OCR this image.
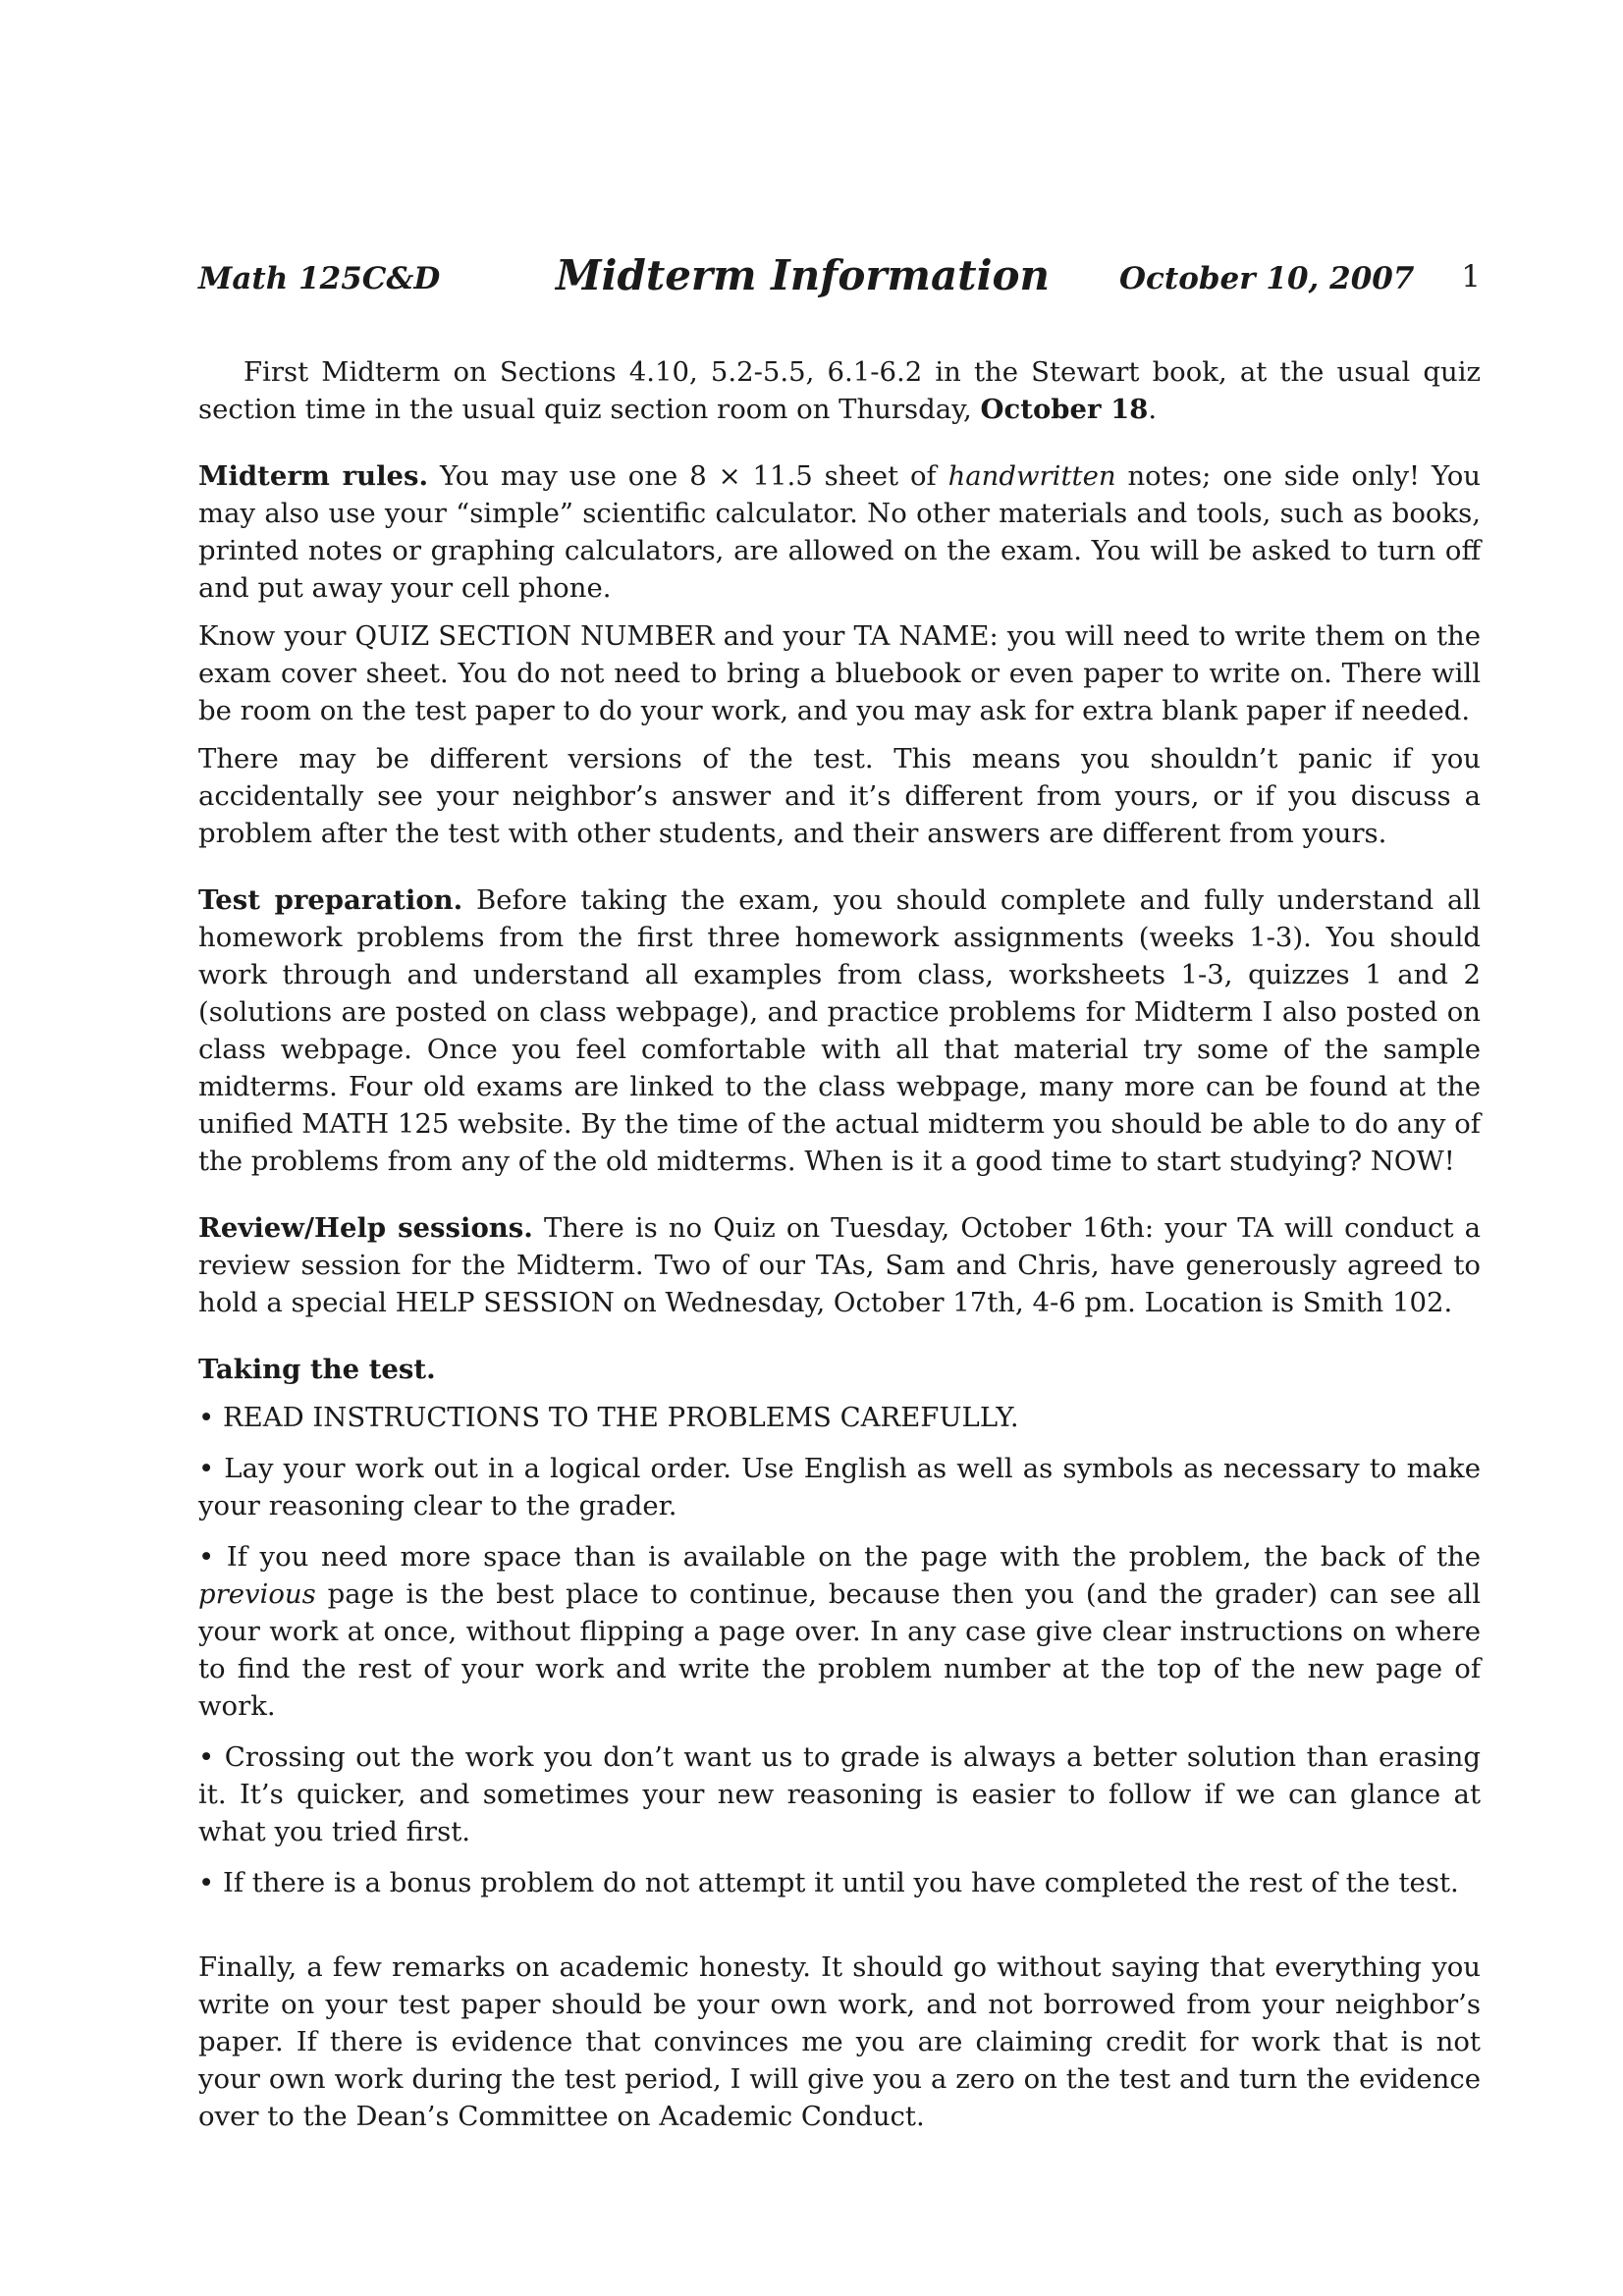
Math 125C&D	Midterm Information October 10, 2007 1

First Midterm on Sections 4.10, 5.2-5.5, 6.1-6.2 in the Stewart book, at the usual quiz section time in the usual quiz section room on Thursday, October 18.

Midterm rules. You may use one 8 × 11.5 sheet of handwritten notes; one side only! You may also use your “simple” scientific calculator. No other materials and tools, such as books, printed notes or graphing calculators, are allowed on the exam. You will be asked to turn off and put away your cell phone.

Know your QUIZ SECTION NUMBER and your TA NAME: you will need to write them on the exam cover sheet. You do not need to bring a bluebook or even paper to write on. There will be room on the test paper to do your work, and you may ask for extra blank paper if needed.

There may be different versions of the test. This means you shouldn’t panic if you accidentally see your neighbor’s answer and it’s different from yours, or if you discuss a problem after the test with other students, and their answers are different from yours.

Test preparation. Before taking the exam, you should complete and fully understand all homework problems from the first three homework assignments (weeks 1-3). You should work through and understand all examples from class, worksheets 1-3, quizzes 1 and 2 (solutions are posted on class webpage), and practice problems for Midterm I also posted on class webpage. Once you feel comfortable with all that material try some of the sample midterms. Four old exams are linked to the class webpage, many more can be found at the unified MATH 125 website. By the time of the actual midterm you should be able to do any of the problems from any of the old midterms. When is it a good time to start studying? NOW!

Review/Help sessions. There is no Quiz on Tuesday, October 16th: your TA will conduct a review session for the Midterm. Two of our TAs, Sam and Chris, have generously agreed to hold a special HELP SESSION on Wednesday, October 17th, 4-6 pm. Location is Smith 102.

Taking the test.

• READ INSTRUCTIONS TO THE PROBLEMS CAREFULLY.

• Lay your work out in a logical order. Use English as well as symbols as necessary to make your reasoning clear to the grader.

• If you need more space than is available on the page with the problem, the back of the previous page is the best place to continue, because then you (and the grader) can see all your work at once, without flipping a page over. In any case give clear instructions on where to find the rest of your work and write the problem number at the top of the new page of work.

• Crossing out the work you don’t want us to grade is always a better solution than erasing it. It’s quicker, and sometimes your new reasoning is easier to follow if we can glance at what you tried first.

• If there is a bonus problem do not attempt it until you have completed the rest of the test.

Finally, a few remarks on academic honesty. It should go without saying that everything you write on your test paper should be your own work, and not borrowed from your neighbor’s paper. If there is evidence that convinces me you are claiming credit for work that is not your own work during the test period, I will give you a zero on the test and turn the evidence over to the Dean’s Committee on Academic Conduct.
